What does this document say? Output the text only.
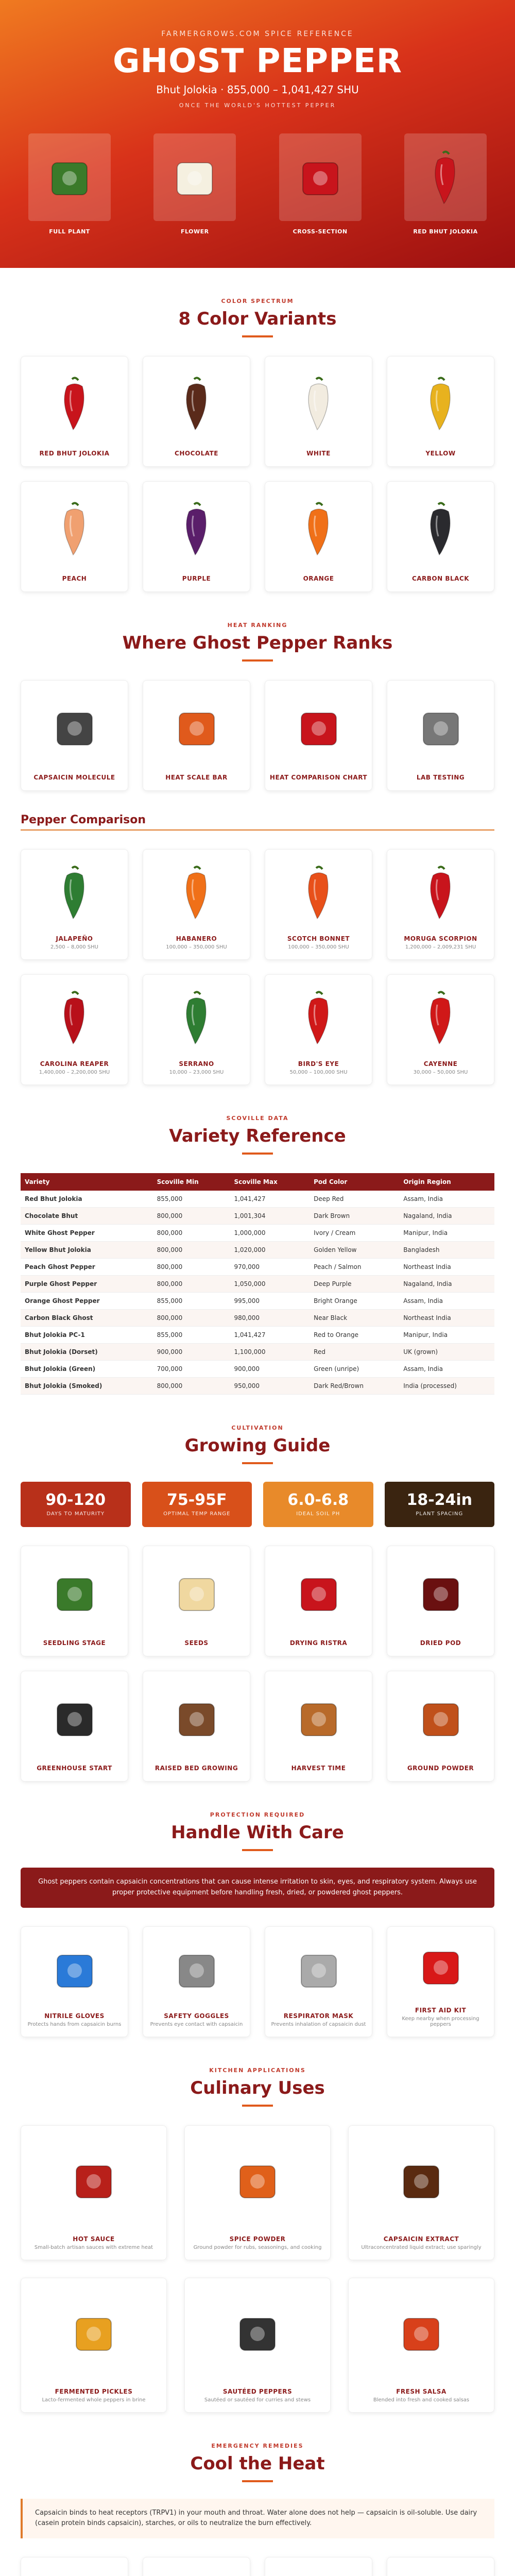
FARMERGROWS.COM SPICE REFERENCE
GHOST PEPPER
Bhut Jolokia · 855,000 – 1,041,427 SHU
ONCE THE WORLD'S HOTTEST PEPPER
FULL PLANT	FLOWER	CROSS-SECTION	RED BHUT JOLOKIA
COLOR SPECTRUM
8 Color Variants
RED BHUT JOLOKIA	CHOCOLATE	WHITE	YELLOW
PEACH	PURPLE	ORANGE	CARBON BLACK
HEAT RANKING
Where Ghost Pepper Ranks
CAPSAICIN MOLECULE	HEAT SCALE BAR	HEAT COMPARISON CHART	LAB TESTING
Pepper Comparison
JALAPEÑO
2,500 – 8,000 SHU
HABANERO
100,000 – 350,000 SHU
SCOTCH BONNET
100,000 – 350,000 SHU
MORUGA SCORPION
1,200,000 – 2,009,231 SHU
CAROLINA REAPER
1,400,000 – 2,200,000 SHU
SERRANO
10,000 – 23,000 SHU
BIRD'S EYE
50,000 – 100,000 SHU
CAYENNE
30,000 – 50,000 SHU
SCOVILLE DATA
Variety Reference
Variety	Scoville Min	Scoville Max	Pod Color	Origin Region
Red Bhut Jolokia	855,000	1,041,427	Deep Red	Assam, India
Chocolate Bhut	800,000	1,001,304	Dark Brown	Nagaland, India
White Ghost Pepper	800,000	1,000,000	Ivory / Cream	Manipur, India
Yellow Bhut Jolokia	800,000	1,020,000	Golden Yellow	Bangladesh
Peach Ghost Pepper	800,000	970,000	Peach / Salmon	Northeast India
Purple Ghost Pepper	800,000	1,050,000	Deep Purple	Nagaland, India
Orange Ghost Pepper	855,000	995,000	Bright Orange	Assam, India
Carbon Black Ghost	800,000	980,000	Near Black	Northeast India
Bhut Jolokia PC-1	855,000	1,041,427	Red to Orange	Manipur, India
Bhut Jolokia (Dorset)	900,000	1,100,000	Red	UK (grown)
Bhut Jolokia (Green)	700,000	900,000	Green (unripe)	Assam, India
Bhut Jolokia (Smoked)	800,000	950,000	Dark Red/Brown	India (processed)
CULTIVATION
Growing Guide
90-120
DAYS TO MATURITY
75-95F
OPTIMAL TEMP RANGE
6.0-6.8
IDEAL SOIL PH
18-24in
PLANT SPACING
SEEDLING STAGE	SEEDS	DRYING RISTRA	DRIED POD
GREENHOUSE START	RAISED BED GROWING	HARVEST TIME	GROUND POWDER
PROTECTION REQUIRED
Handle With Care
Ghost peppers contain capsaicin concentrations that can cause intense irritation to skin, eyes, and respiratory system. Always use proper protective equipment before handling fresh, dried, or powdered ghost peppers.
NITRILE GLOVES
Protects hands from capsaicin burns
SAFETY GOGGLES
Prevents eye contact with capsaicin
RESPIRATOR MASK
Prevents inhalation of capsaicin dust
FIRST AID KIT
Keep nearby when processing peppers
KITCHEN APPLICATIONS
Culinary Uses
HOT SAUCE
Small-batch artisan sauces with extreme heat
SPICE POWDER
Ground powder for rubs, seasonings, and cooking
CAPSAICIN EXTRACT
Ultraconcentrated liquid extract; use sparingly
FERMENTED PICKLES
Lacto-fermented whole peppers in brine
SAUTÉED PEPPERS
Sautéed or sautéed for curries and stews
FRESH SALSA
Blended into fresh and cooked salsas
EMERGENCY REMEDIES
Cool the Heat
Capsaicin binds to heat receptors (TRPV1) in your mouth and throat. Water alone does not help — capsaicin is oil-soluble. Use dairy (casein protein binds capsaicin), starches, or oils to neutralize the burn effectively.
